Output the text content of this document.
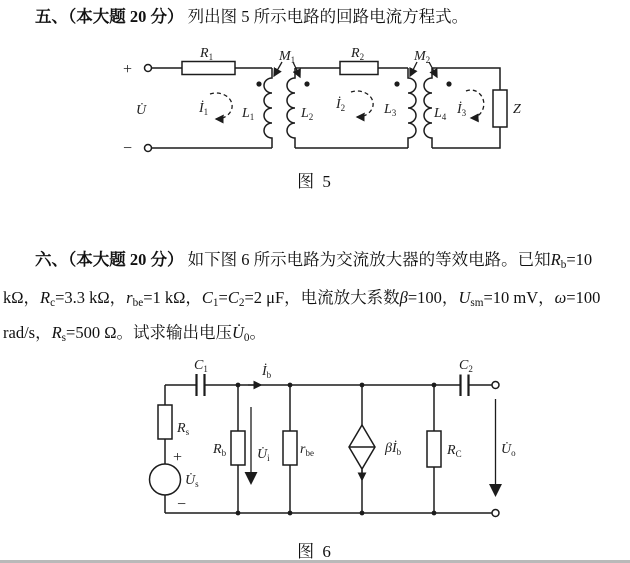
五、（本大题 20 分） 列出图 5 所示电路的回路电流方程式。
+
−
$R_1$	$M_1$	$R_2$	$M_2$
U̇	$İ_1$	$İ_2$	$İ_3$
$L_1$	$L_2$	$L_3$	$L_4$	Z
图 5
六、（本大题 20 分） 如下图 6 所示电路为交流放大器的等效电路。已知Rb=10
kΩ，Rc=3.3 kΩ，rbe=1 kΩ，C1=C2=2 μF，电流放大系数β=100，Usm=10 mV，ω=100
rad/s，Rs=500 Ω。试求输出电压U̇0。
+
−
$C_1$	$İ_b$
$C_2$
$R_s$
$R_b$ $U̇_i$
$r_{be}$	$\beta İ_b$	$R_C$	$U̇_o$
$U̇_s$
图 6
